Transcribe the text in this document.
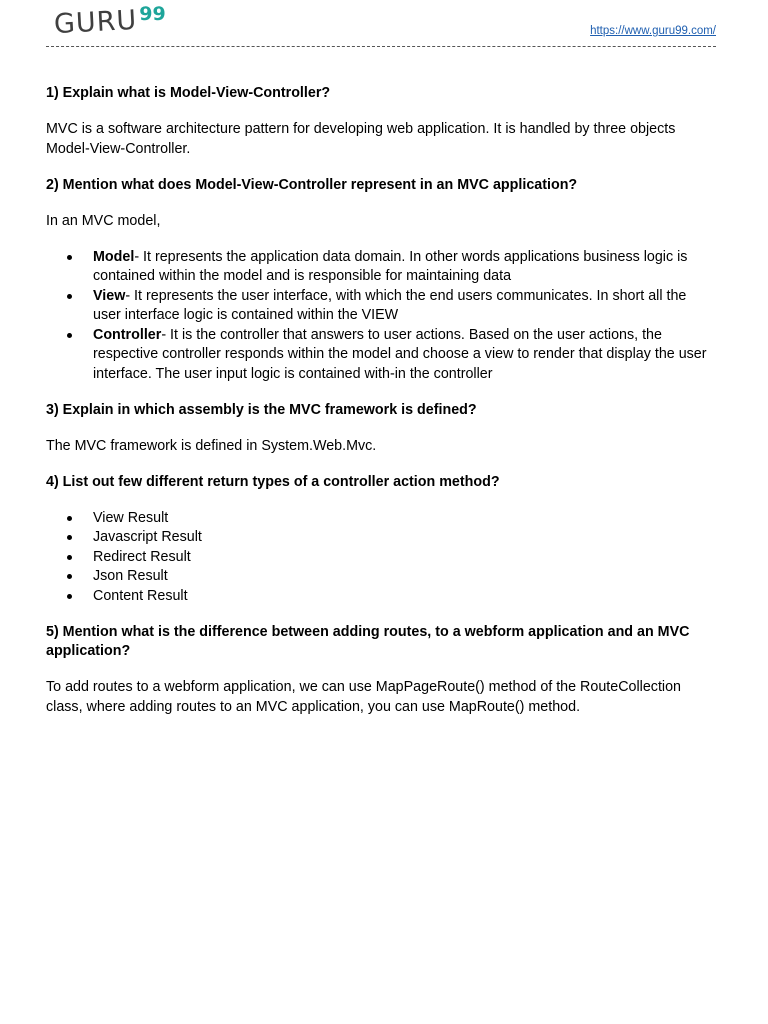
GURU 99
https://www.guru99.com/
1) Explain what is Model-View-Controller?
MVC is a software architecture pattern for developing web application. It is handled by three objects Model-View-Controller.
2) Mention what does Model-View-Controller represent in an MVC application?
In an MVC model,
Model- It represents the application data domain. In other words applications business logic is contained within the model and is responsible for maintaining data
View- It represents the user interface, with which the end users communicates. In short all the user interface logic is contained within the VIEW
Controller- It is the controller that answers to user actions. Based on the user actions, the respective controller responds within the model and choose a view to render that display the user interface. The user input logic is contained with-in the controller
3) Explain in which assembly is the MVC framework is defined?
The MVC framework is defined in System.Web.Mvc.
4) List out few different return types of a controller action method?
View Result
Javascript Result
Redirect Result
Json Result
Content Result
5) Mention what is the difference between adding routes, to a webform application and an MVC application?
To add routes to a webform application, we can use MapPageRoute() method of the RouteCollection class, where adding routes to an MVC application, you can use MapRoute() method.
